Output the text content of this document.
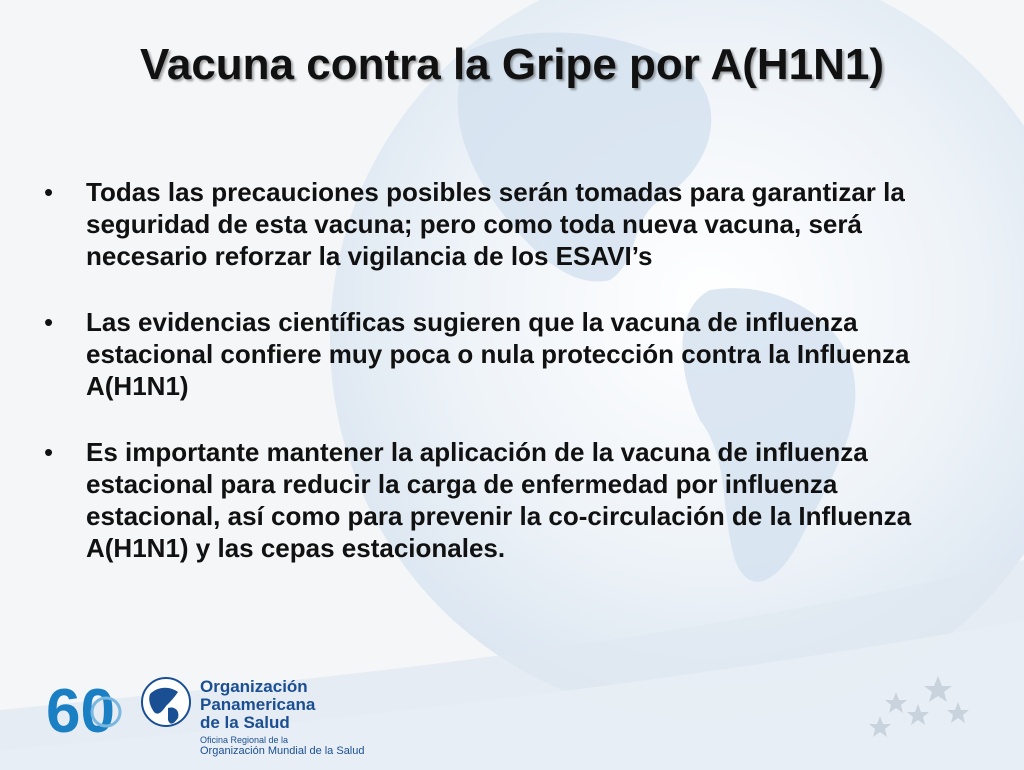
Vacuna contra la Gripe por A(H1N1)
• Todas las precauciones posibles serán tomadas para garantizar la seguridad de esta vacuna; pero como toda nueva vacuna, será necesario reforzar la vigilancia de los ESAVI’s
• Las evidencias científicas sugieren que la vacuna de influenza estacional confiere muy poca o nula protección contra la Influenza A(H1N1)
• Es importante mantener la aplicación de la vacuna de influenza estacional para reducir la carga de enfermedad por influenza estacional, así como para prevenir la co-circulación de la Influenza A(H1N1) y las cepas estacionales.
60	Organización
Panamericana
de la Salud
Oficina Regional de la
Organización Mundial de la Salud
